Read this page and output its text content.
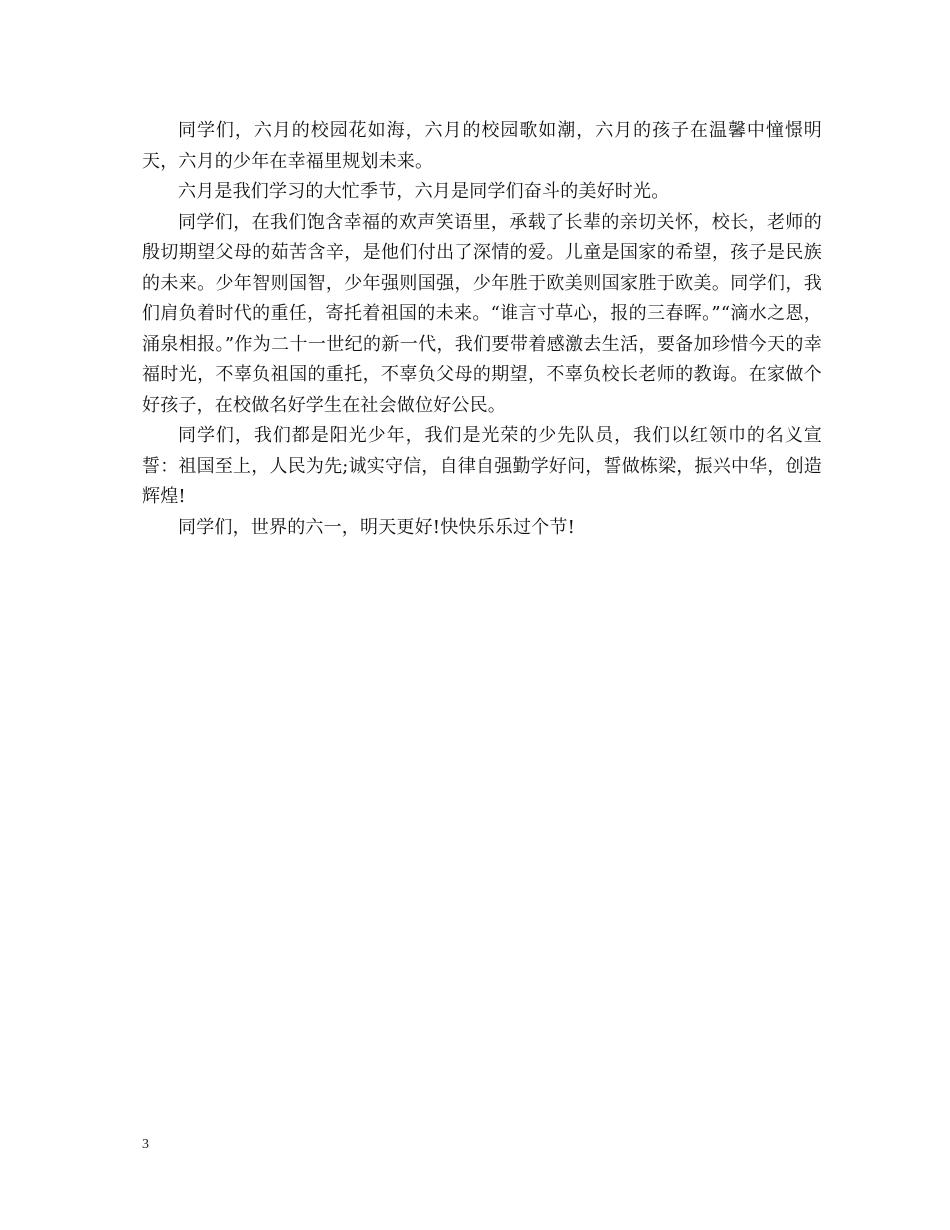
同学们，六月的校园花如海，六月的校园歌如潮，六月的孩子在温馨中憧憬明天，六月的少年在幸福里规划未来。

六月是我们学习的大忙季节，六月是同学们奋斗的美好时光。

同学们，在我们饱含幸福的欢声笑语里，承载了长辈的亲切关怀，校长，老师的殷切期望父母的茹苦含辛，是他们付出了深情的爱。儿童是国家的希望，孩子是民族的未来。少年智则国智，少年强则国强，少年胜于欧美则国家胜于欧美。同学们，我们肩负着时代的重任，寄托着祖国的未来。“谁言寸草心，报的三春晖。”“滴水之恩，涌泉相报。”作为二十一世纪的新一代，我们要带着感激去生活，要备加珍惜今天的幸福时光，不辜负祖国的重托，不辜负父母的期望，不辜负校长老师的教诲。在家做个好孩子，在校做名好学生在社会做位好公民。

同学们，我们都是阳光少年，我们是光荣的少先队员，我们以红领巾的名义宣誓：祖国至上，人民为先;诚实守信，自律自强勤学好问，誓做栋梁，振兴中华，创造辉煌!

同学们，世界的六一，明天更好!快快乐乐过个节!

3
